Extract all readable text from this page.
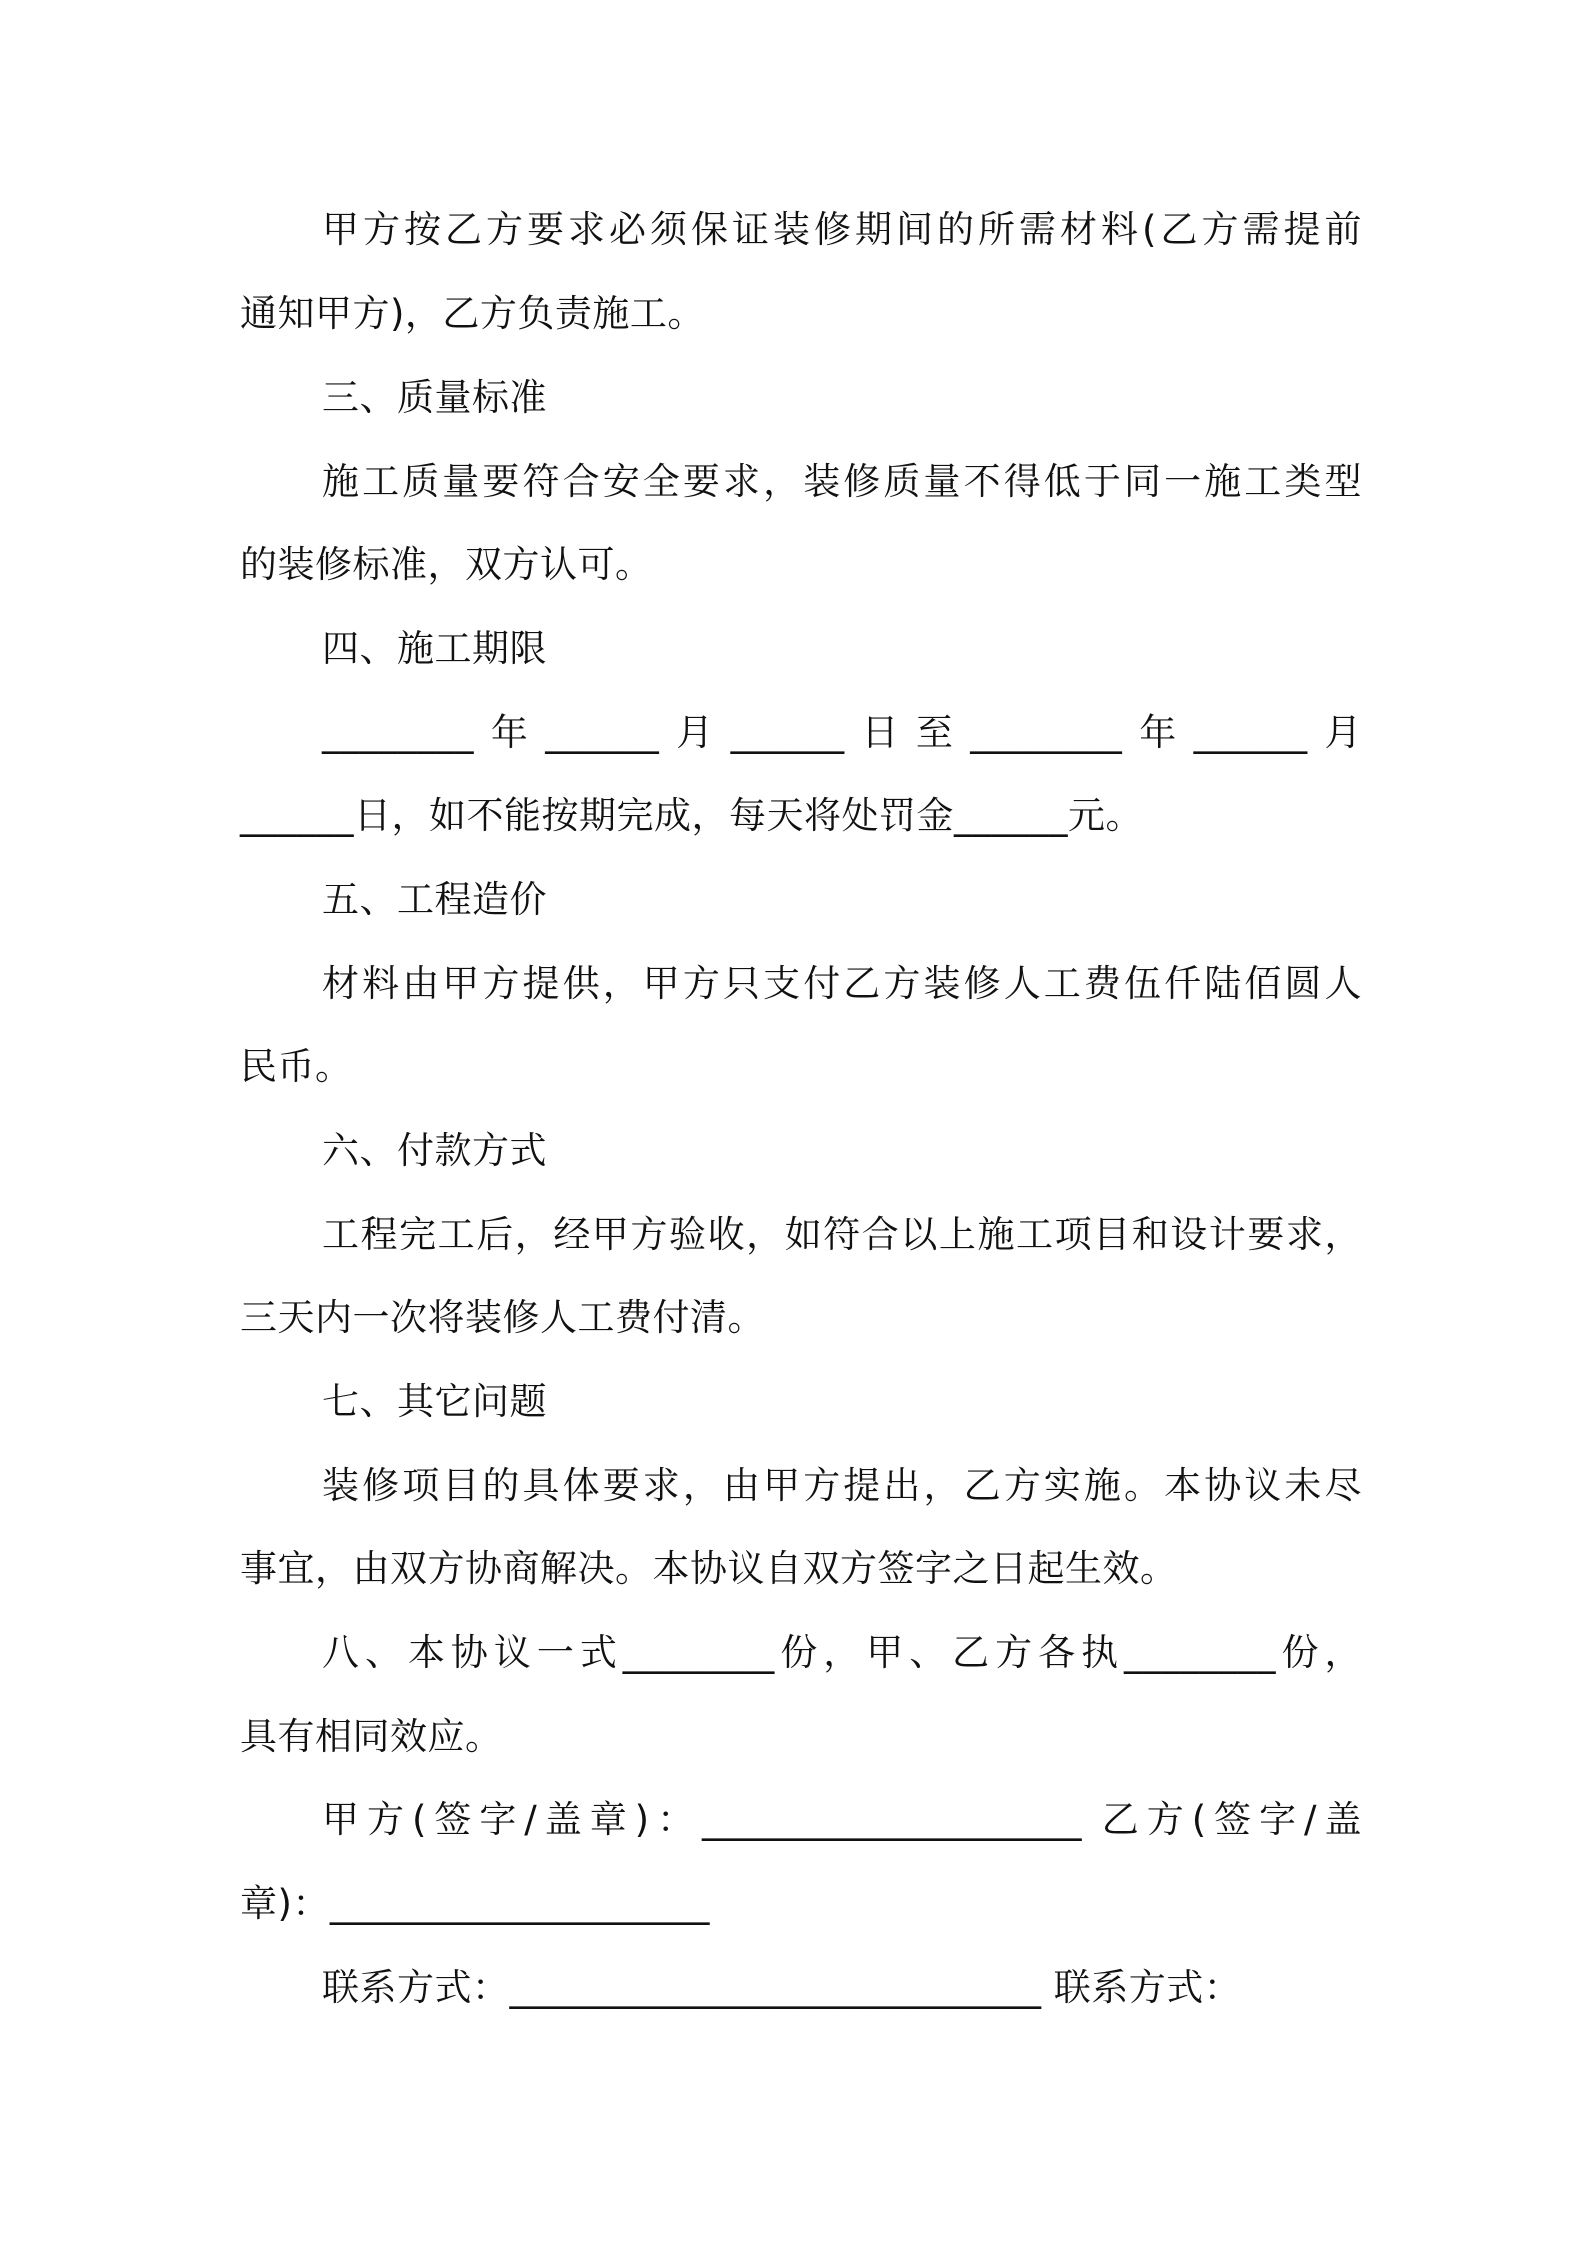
甲方按乙方要求必须保证装修期间的所需材料(乙方需提前
通知甲方)，乙方负责施工。
三、质量标准
施工质量要符合安全要求，装修质量不得低于同一施工类型
的装修标准，双方认可。
四、施工期限
________年______月______日至________年______月
______日，如不能按期完成，每天将处罚金______元。
五、工程造价
材料由甲方提供，甲方只支付乙方装修人工费伍仟陆佰圆人
民币。
六、付款方式
工程完工后，经甲方验收，如符合以上施工项目和设计要求，
三天内一次将装修人工费付清。
七、其它问题
装修项目的具体要求，由甲方提出，乙方实施。本协议未尽
事宜，由双方协商解决。本协议自双方签字之日起生效。
八、本协议一式________份，甲、乙方各执________份，
具有相同效应。
甲方(签字/盖章)：____________________ 乙方(签字/盖
章)：____________________
联系方式：____________________________ 联系方式：
